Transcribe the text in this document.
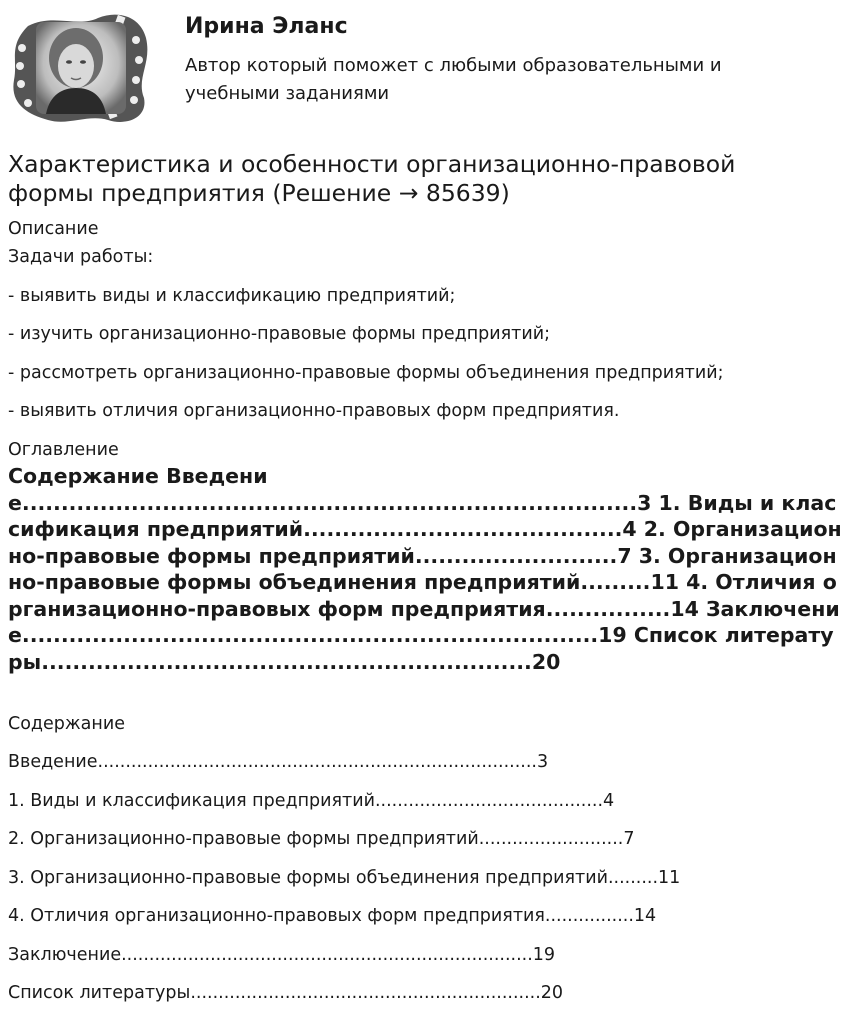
Ирина Эланс
Автор который поможет с любыми образовательными и учебными заданиями
Характеристика и особенности организационно-правовой формы предприятия (Решение → 85639)
Описание
Задачи работы:
- выявить виды и классификацию предприятий;
- изучить организационно-правовые формы предприятий;
- рассмотреть организационно-правовые формы объединения предприятий;
- выявить отличия организационно-правовых форм предприятия.
Оглавление
Содержание Введение...............................................................................3 1. Виды и классификация предприятий.........................................4 2. Организационно-правовые формы предприятий..........................7 3. Организационно-правовые формы объединения предприятий.........11 4. Отличия организационно-правовых форм предприятия................14 Заключение..........................................................................19 Список литературы...............................................................20
Содержание
Введение...............................................................................3
1. Виды и классификация предприятий.........................................4
2. Организационно-правовые формы предприятий..........................7
3. Организационно-правовые формы объединения предприятий.........11
4. Отличия организационно-правовых форм предприятия................14
Заключение..........................................................................19
Список литературы...............................................................20
